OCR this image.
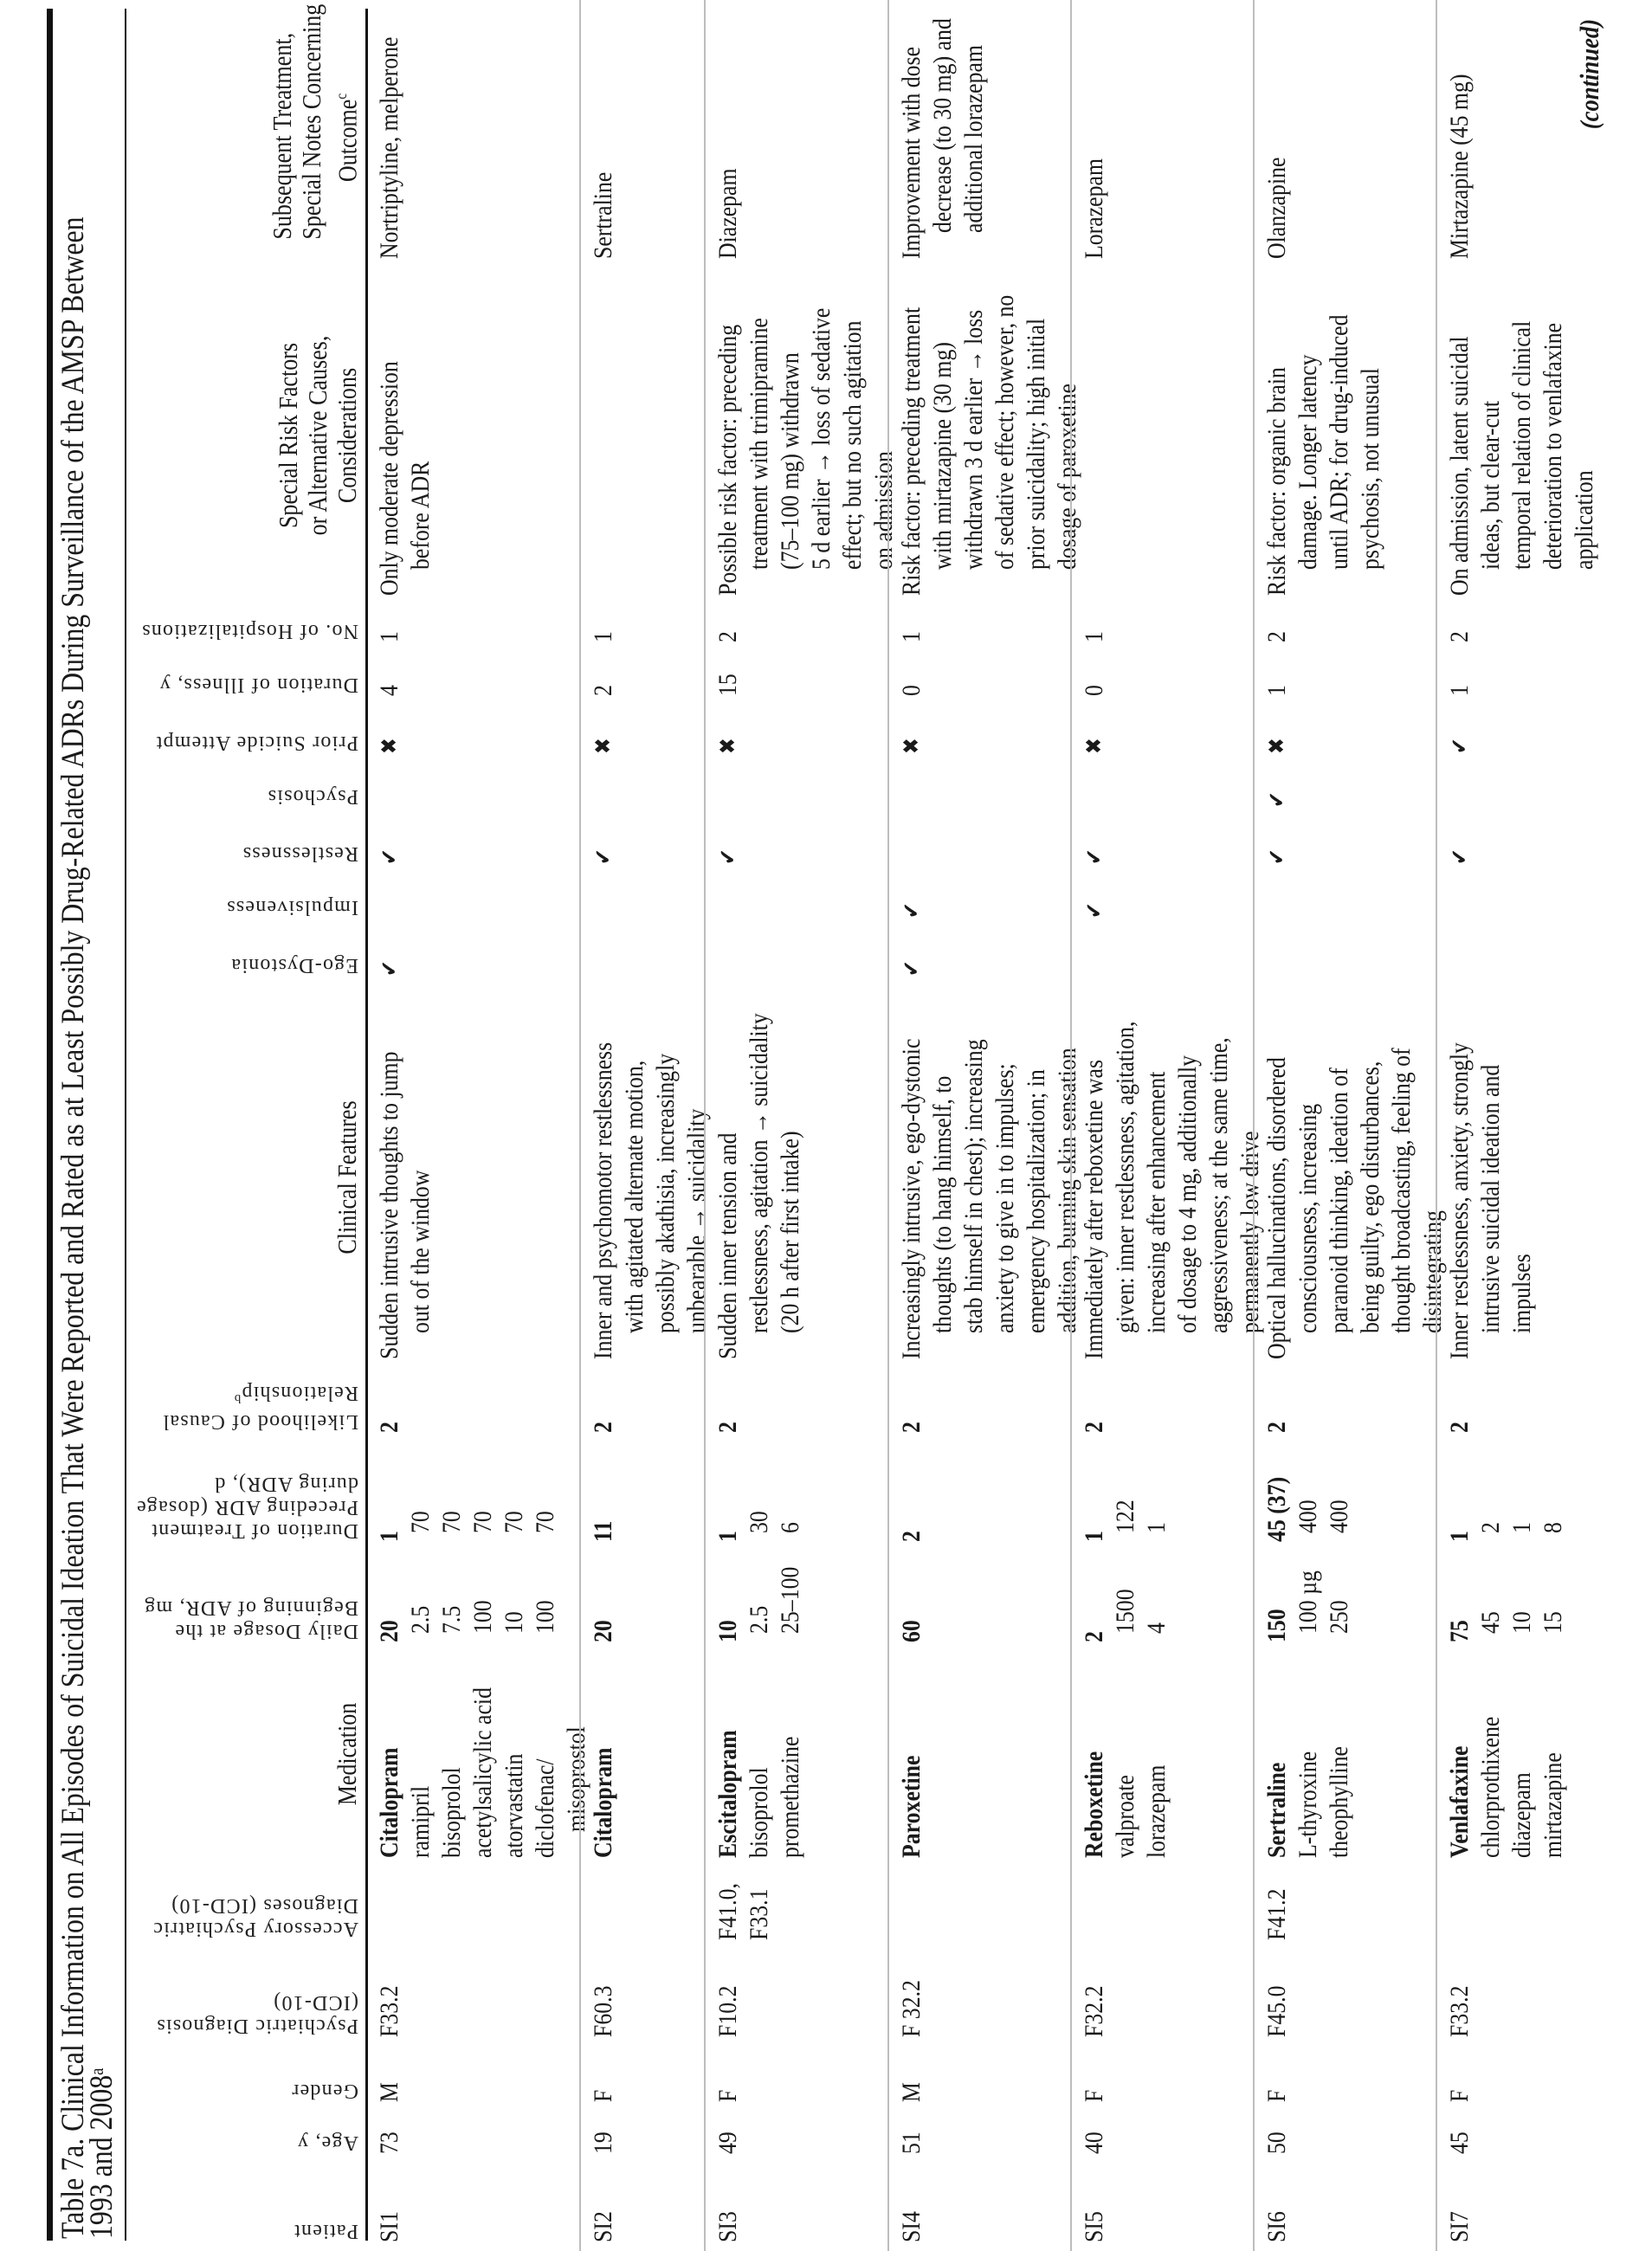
Table 7a. Clinical Information on All Episodes of Suicidal Ideation That Were Reported and Rated as at Least Possibly Drug-Related ADRs During Surveillance of the AMSP Between
1993 and 2008$^a$
Patient
Age, y
Gender
Psychiatric Diagnosis
(ICD-10)
Accessory Psychiatric
Diagnoses (ICD-10)
Medication
Daily Dosage at the
Beginning of ADR, mg
Duration of Treatment
Preceding ADR (dosage
during ADR), d
Likelihood of Causal
Relationship$^b$
Clinical Features
Ego-Dystonia
Impulsiveness
Restlessness
Psychosis
Prior Suicide Attempt
Duration of Illness, y
No. of Hospitalizations
Special Risk Factors or Alternative Causes, Considerations
Subsequent Treatment, Special Notes Concerning Outcome$^c$
SI1
73
M
F33.2
2
✔
✔
✖
4
1
Sudden intrusive thoughts to jump out of the window
Only moderate depression before ADR
Nortriptyline, melperone
20 2.5 7.5 100 10 100
1
70 70 70 70 70
Citalopram ramipril bisoprolol acetylsalicylic acid atorvastatin diclofenac/ misoprostol
SI2
19
F
F60.3
2
✔
✖
2
1
Inner and psychomotor restlessness with agitated alternate motion, possibly akathisia, increasingly unbearable → suicidality
Sertraline
20
11
Citalopram
SI3
49
F
F10.2
2
✔
✖
15
2
F41.0, F33.1
Sudden inner tension and restlessness, agitation → suicidality (20 h after first intake)
Possible risk factor: preceding treatment with trimipramine (75–100 mg) withdrawn 5 d earlier → loss of sedative effect; but no such agitation on admission
Diazepam
10 2.5 25–100
1
30 6
Escitalopram bisoprolol promethazine
SI4
51
M
F 32.2
2
✔
✔
✖
0
1
Increasingly intrusive, ego-dystonic thoughts (to hang himself, to stab himself in chest); increasing anxiety to give in to impulses; emergency hospitalization; in addition, burning skin sensation
Risk factor: preceding treatment with mirtazapine (30 mg) withdrawn 3 d earlier → loss of sedative effect; however, no prior suicidality; high initial dosage of paroxetine
Improvement with dose decrease (to 30 mg) and additional lorazepam
60
2
Paroxetine
SI5
40
F
F32.2
2
✔
✔
✖
0
1
Immediately after reboxetine was given: inner restlessness, agitation, increasing after enhancement of dosage to 4 mg, additionally aggressiveness; at the same time, permanently low drive
Lorazepam
2
1500 4
1
122 1
Reboxetine valproate lorazepam
SI6
50
F
F45.0
2
✔
✔
✖
1
2
F41.2
Optical hallucinations, disordered consciousness, increasing paranoid thinking, ideation of being guilty, ego disturbances, thought broadcasting, feeling of disintegrating
Risk factor: organic brain damage. Longer latency until ADR; for drug-induced psychosis, not unusual
Olanzapine
150 100 µg 250
45 (37) 400 400
Sertraline L-thyroxine theophylline
SI7
45
F
F33.2
2
✔
✔
1
2
Inner restlessness, anxiety, strongly intrusive suicidal ideation and impulses
On admission, latent suicidal ideas, but clear-cut temporal relation of clinical deterioration to venlafaxine application
Mirtazapine (45 mg)
75 45 10 15
1
2 1 8
Venlafaxine chlorprothixene diazepam mirtazapine
(continued)
